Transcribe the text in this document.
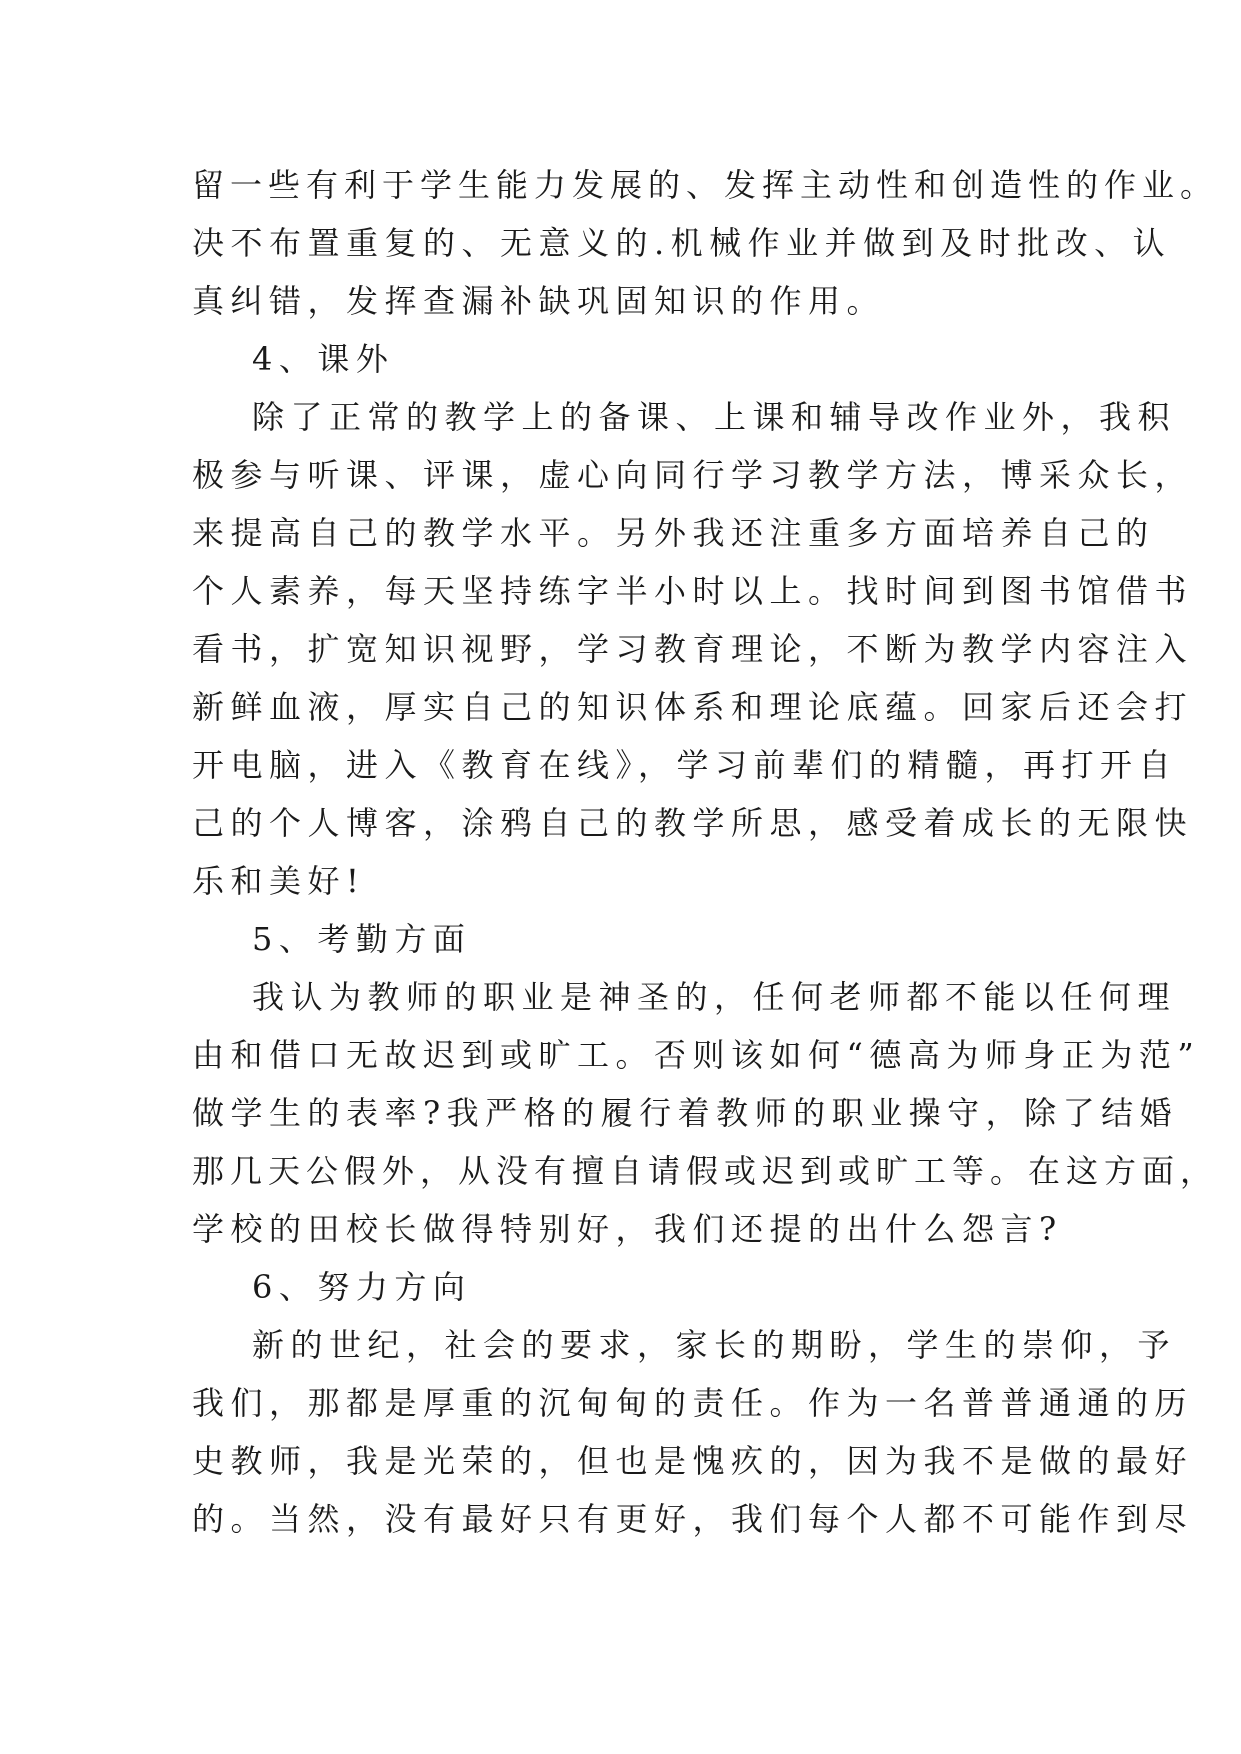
留一些有利于学生能力发展的、发挥主动性和创造性的作业。
决不布置重复的、无意义的.机械作业并做到及时批改、认
真纠错，发挥查漏补缺巩固知识的作用。
4、课外
除了正常的教学上的备课、上课和辅导改作业外，我积
极参与听课、评课，虚心向同行学习教学方法，博采众长，
来提高自己的教学水平。另外我还注重多方面培养自己的
个人素养，每天坚持练字半小时以上。找时间到图书馆借书
看书，扩宽知识视野，学习教育理论，不断为教学内容注入
新鲜血液，厚实自己的知识体系和理论底蕴。回家后还会打
开电脑，进入《教育在线》，学习前辈们的精髓，再打开自
己的个人博客，涂鸦自己的教学所思，感受着成长的无限快
乐和美好!
5、考勤方面
我认为教师的职业是神圣的，任何老师都不能以任何理
由和借口无故迟到或旷工。否则该如何“德高为师身正为范”
做学生的表率?我严格的履行着教师的职业操守，除了结婚
那几天公假外，从没有擅自请假或迟到或旷工等。在这方面，
学校的田校长做得特别好，我们还提的出什么怨言?
6、努力方向
新的世纪，社会的要求，家长的期盼，学生的崇仰，予
我们，那都是厚重的沉甸甸的责任。作为一名普普通通的历
史教师，我是光荣的，但也是愧疚的，因为我不是做的最好
的。当然，没有最好只有更好，我们每个人都不可能作到尽
